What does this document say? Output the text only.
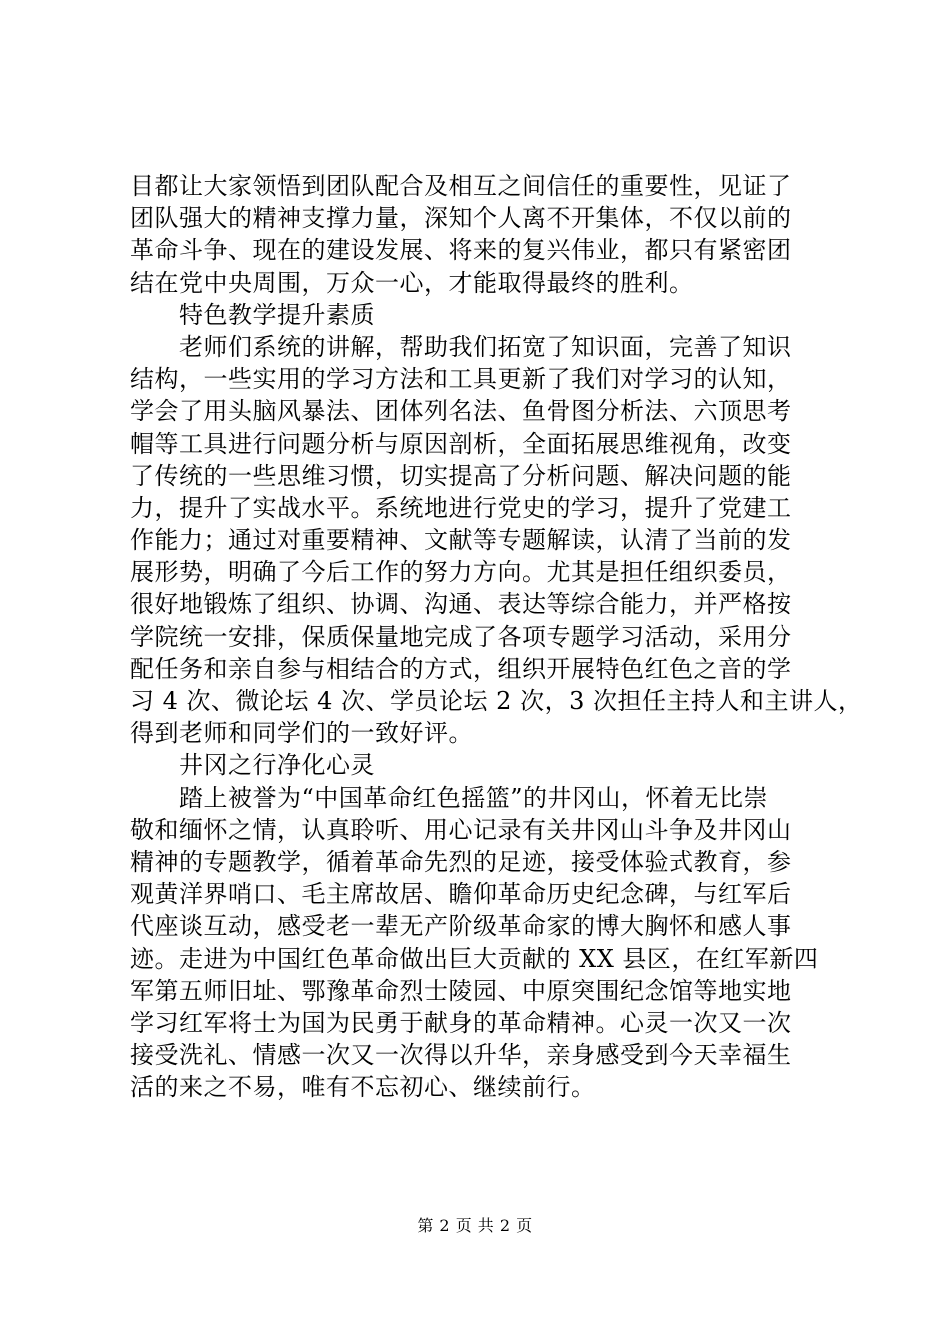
目都让大家领悟到团队配合及相互之间信任的重要性，见证了
团队强大的精神支撑力量，深知个人离不开集体，不仅以前的
革命斗争、现在的建设发展、将来的复兴伟业，都只有紧密团
结在党中央周围，万众一心，才能取得最终的胜利。
特色教学提升素质
老师们系统的讲解，帮助我们拓宽了知识面，完善了知识
结构，一些实用的学习方法和工具更新了我们对学习的认知，
学会了用头脑风暴法、团体列名法、鱼骨图分析法、六顶思考
帽等工具进行问题分析与原因剖析，全面拓展思维视角，改变
了传统的一些思维习惯，切实提高了分析问题、解决问题的能
力，提升了实战水平。系统地进行党史的学习，提升了党建工
作能力；通过对重要精神、文献等专题解读，认清了当前的发
展形势，明确了今后工作的努力方向。尤其是担任组织委员，
很好地锻炼了组织、协调、沟通、表达等综合能力，并严格按
学院统一安排，保质保量地完成了各项专题学习活动，采用分
配任务和亲自参与相结合的方式，组织开展特色红色之音的学
习 4 次、微论坛 4 次、学员论坛 2 次，3 次担任主持人和主讲人，
得到老师和同学们的一致好评。
井冈之行净化心灵
踏上被誉为“中国革命红色摇篮”的井冈山，怀着无比崇
敬和缅怀之情，认真聆听、用心记录有关井冈山斗争及井冈山
精神的专题教学，循着革命先烈的足迹，接受体验式教育，参
观黄洋界哨口、毛主席故居、瞻仰革命历史纪念碑，与红军后
代座谈互动，感受老一辈无产阶级革命家的博大胸怀和感人事
迹。走进为中国红色革命做出巨大贡献的 XX 县区，在红军新四
军第五师旧址、鄂豫革命烈士陵园、中原突围纪念馆等地实地
学习红军将士为国为民勇于献身的革命精神。心灵一次又一次
接受洗礼、情感一次又一次得以升华，亲身感受到今天幸福生
活的来之不易，唯有不忘初心、继续前行。
第 2 页 共 2 页
